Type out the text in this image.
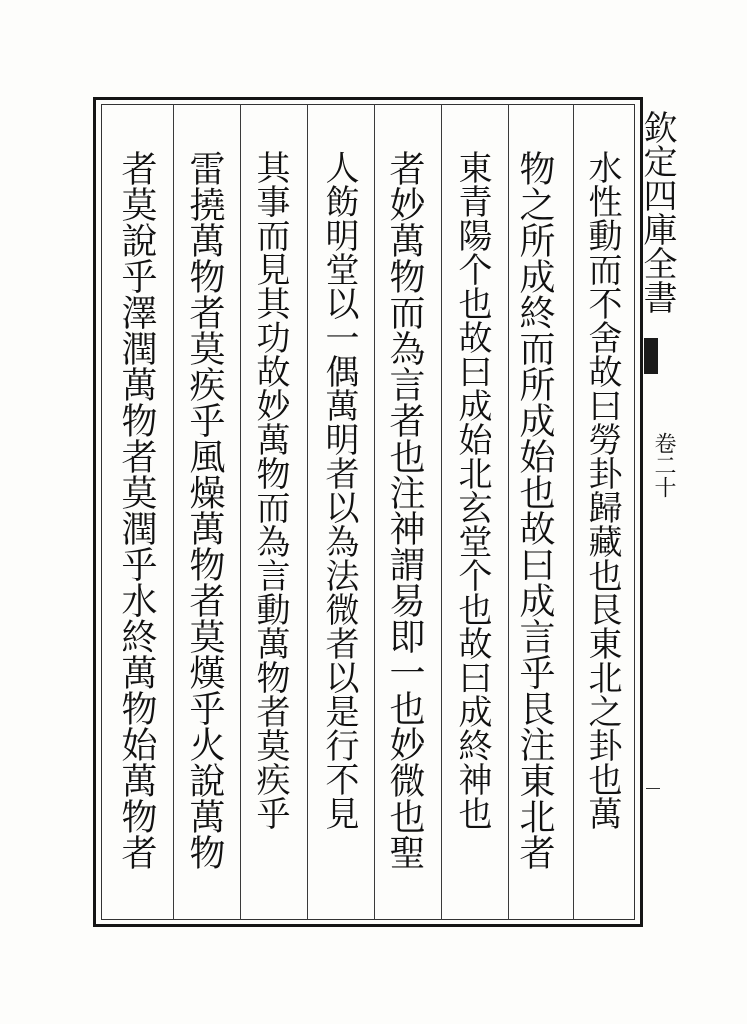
欽定四庫全書
卷二十
水性動而不舍故曰勞卦歸藏也艮東北之卦也萬
物之所成終而所成始也故曰成言乎艮注東北者
東青陽个也故曰成始北玄堂个也故曰成終神也
者妙萬物而為言者也注神謂易即一也妙微也聖
人飭明堂以一偶萬明者以為法微者以是行不見
其事而見其功故妙萬物而為言動萬物者莫疾乎
雷撓萬物者莫疾乎風燥萬物者莫熯乎火說萬物
者莫說乎澤潤萬物者莫潤乎水終萬物始萬物者
